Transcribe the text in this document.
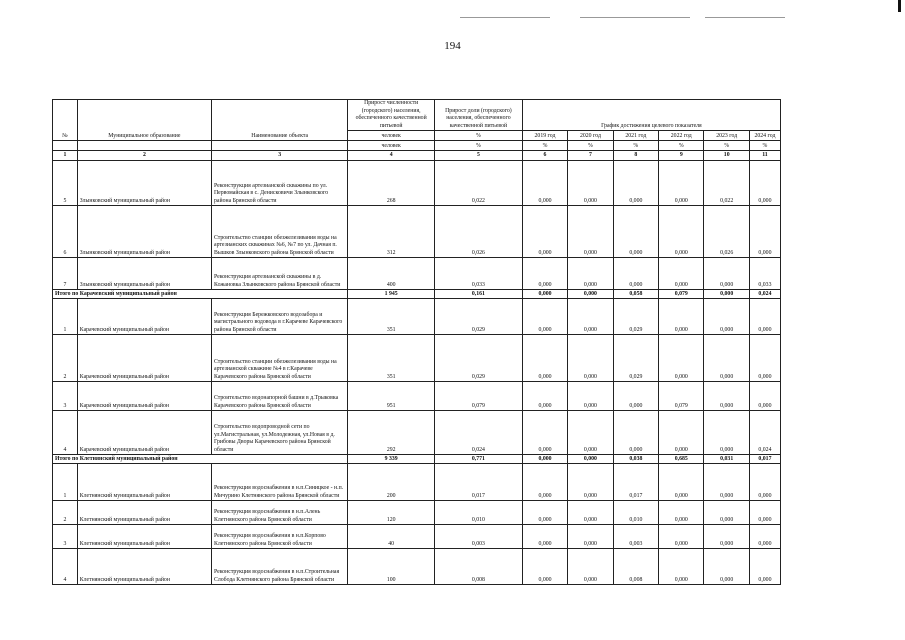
194
№	Муниципальное образование	Наименование объекта	Прирост численности (городского) населения, обеспеченного качественной питьевой	Прирост доли (городского) населения, обеспеченного качественной питьевой	График достижения целевого показателя					
			человек	%	2019 год	2020 год	2021 год	2022 год	2023 год	2024 год
			человек	%	%	%	%	%	%	%
1	2	3	4	5	6	7	8	9	10	11
5	Злынковский муниципальный район	Реконструкция артезианской скважины по ул. Первомайская в с. Денисковичи Злынковского района Брянской области	268	0,022	0,000	0,000	0,000	0,000	0,022	0,000
6	Злынковский муниципальный район	Строительство станции обезжелезивания воды на артезианских скважинах №6, №7 по ул. Дачная п. Вышков Злынковского района Брянской области	312	0,026	0,000	0,000	0,000	0,000	0,026	0,000
7	Злынковский муниципальный район	Реконструкция артезианской скважины в д. Кожановка Злынковского района Брянской области	400	0,033	0,000	0,000	0,000	0,000	0,000	0,033
Итого по Карачевский муниципальный район			1 945	0,161	0,000	0,000	0,058	0,079	0,000	0,024
1	Карачевский муниципальный район	Реконструкция Бережковского водозабора и магистрального водовода в г.Карачеве Карачевского района Брянской области	351	0,029	0,000	0,000	0,029	0,000	0,000	0,000
2	Карачевский муниципальный район	Строительство станции обезжелезивания воды на артезианской скважине №4 в г.Карачеве Карачевского района Брянской области	351	0,029	0,000	0,000	0,029	0,000	0,000	0,000
3	Карачевский муниципальный район	Строительство водонапорной башни в д.Трыковка Карачевского района Брянской области	951	0,079	0,000	0,000	0,000	0,079	0,000	0,000
4	Карачевский муниципальный район	Строительство водопроводной сети по ул.Магистральная, ул.Молодежная, ул.Новая в д. Грибовы Дворы Карачевского района Брянской области	292	0,024	0,000	0,000	0,000	0,000	0,000	0,024
Итого по Клетнянский муниципальный район			9 339	0,771	0,000	0,000	0,038	0,685	0,031	0,017
1	Клетнянский муниципальный район	Реконструкция водоснабжения в н.п.Синицкое - н.п. Мичурино Клетнянского района Брянской области	200	0,017	0,000	0,000	0,017	0,000	0,000	0,000
2	Клетнянский муниципальный район	Реконструкция водоснабжения в н.п.Алень Клетнянского района Брянской области	120	0,010	0,000	0,000	0,010	0,000	0,000	0,000
3	Клетнянский муниципальный район	Реконструкция водоснабжения в н.п.Корпово Клетнянского района Брянской области	40	0,003	0,000	0,000	0,003	0,000	0,000	0,000
4	Клетнянский муниципальный район	Реконструкция водоснабжения в н.п.Строительная Слобода Клетнянского района Брянской области	100	0,008	0,000	0,000	0,008	0,000	0,000	0,000
